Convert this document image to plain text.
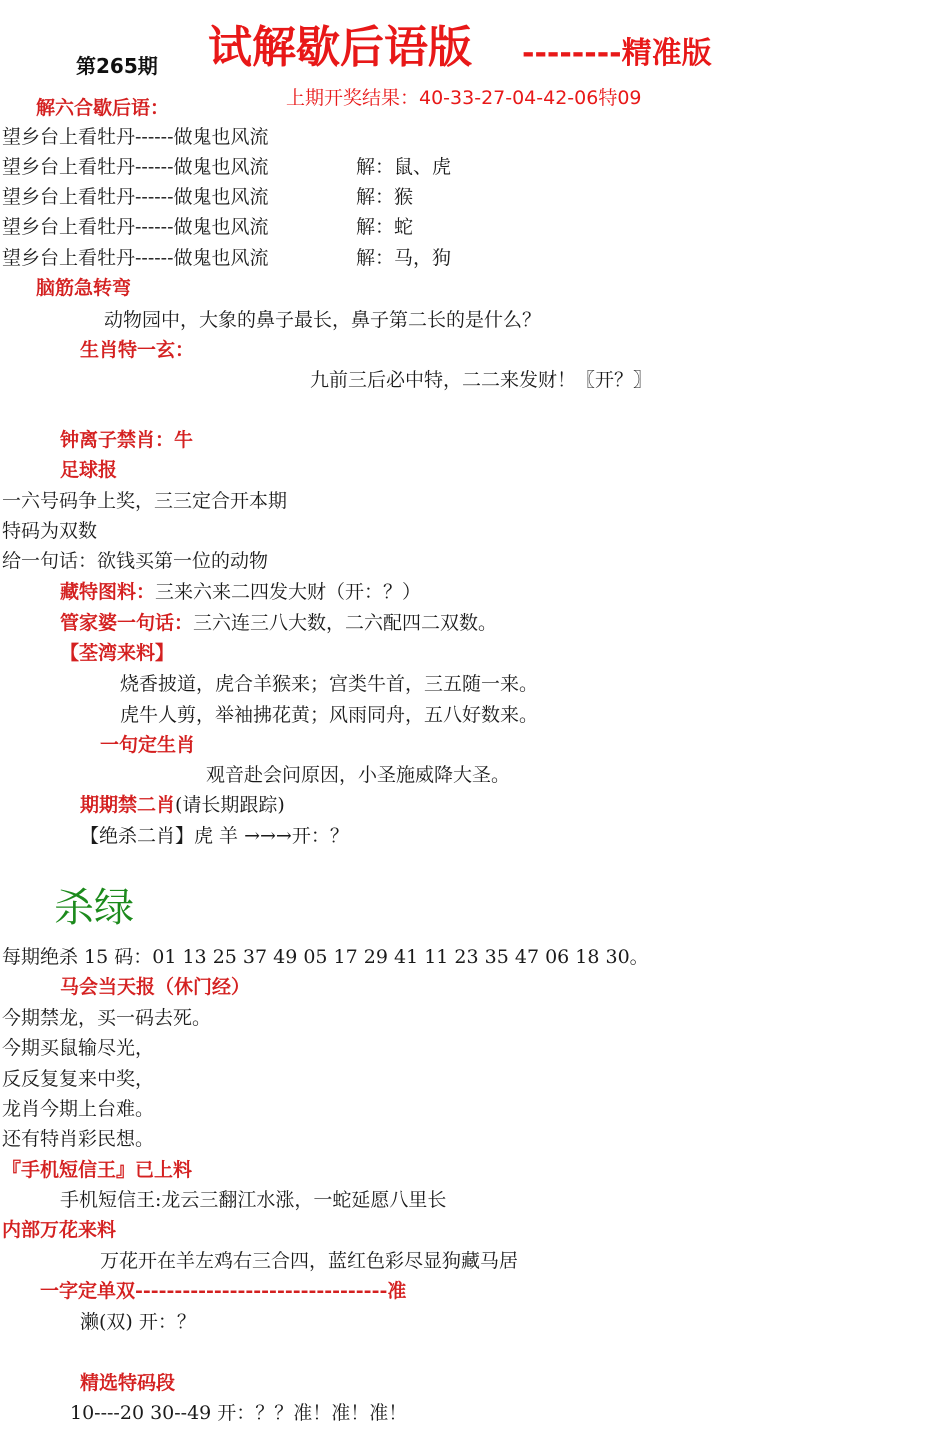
第265期 试解歇后语版 --------精准版
上期开奖结果：40-33-27-04-42-06特09
解六合歇后语：
望乡台上看牡丹------做鬼也风流
望乡台上看牡丹------做鬼也风流	解：鼠、虎
望乡台上看牡丹------做鬼也风流	解：猴
望乡台上看牡丹------做鬼也风流	解：蛇
望乡台上看牡丹------做鬼也风流	解：马，狗
脑筋急转弯
动物园中，大象的鼻子最长，鼻子第二长的是什么？
生肖特一玄：
九前三后必中特，二二来发财！〖开？〗
钟离子禁肖：牛
足球报
一六号码争上奖，三三定合开本期
特码为双数
给一句话：欲钱买第一位的动物
藏特图料：三来六来二四发大财（开：？）
管家婆一句话：三六连三八大数，二六配四二双数。
【荃湾来料】
烧香披道，虎合羊猴来；宫类牛首，三五随一来。
虎牛人剪，举袖拂花黄；风雨同舟，五八好数来。
一句定生肖
观音赴会问原因，小圣施威降大圣。
期期禁二肖(请长期跟踪)
【绝杀二肖】虎 羊 →→→开：？
杀绿
每期绝杀 15 码：01 13 25 37 49 05 17 29 41 11 23 35 47 06 18 30。
马会当天报（休门经）
今期禁龙，买一码去死。
今期买鼠输尽光，
反反复复来中奖，
龙肖今期上台难。
还有特肖彩民想。
『手机短信王』已上料
手机短信王:龙云三翻江水涨，一蛇延愿八里长
内部万花来料
万花开在羊左鸡右三合四，蓝红色彩尽显狗藏马居
一字定单双--------------------------------准
濑(双) 开：？
精选特码段
10----20 30--49 开：？？准！准！准！
